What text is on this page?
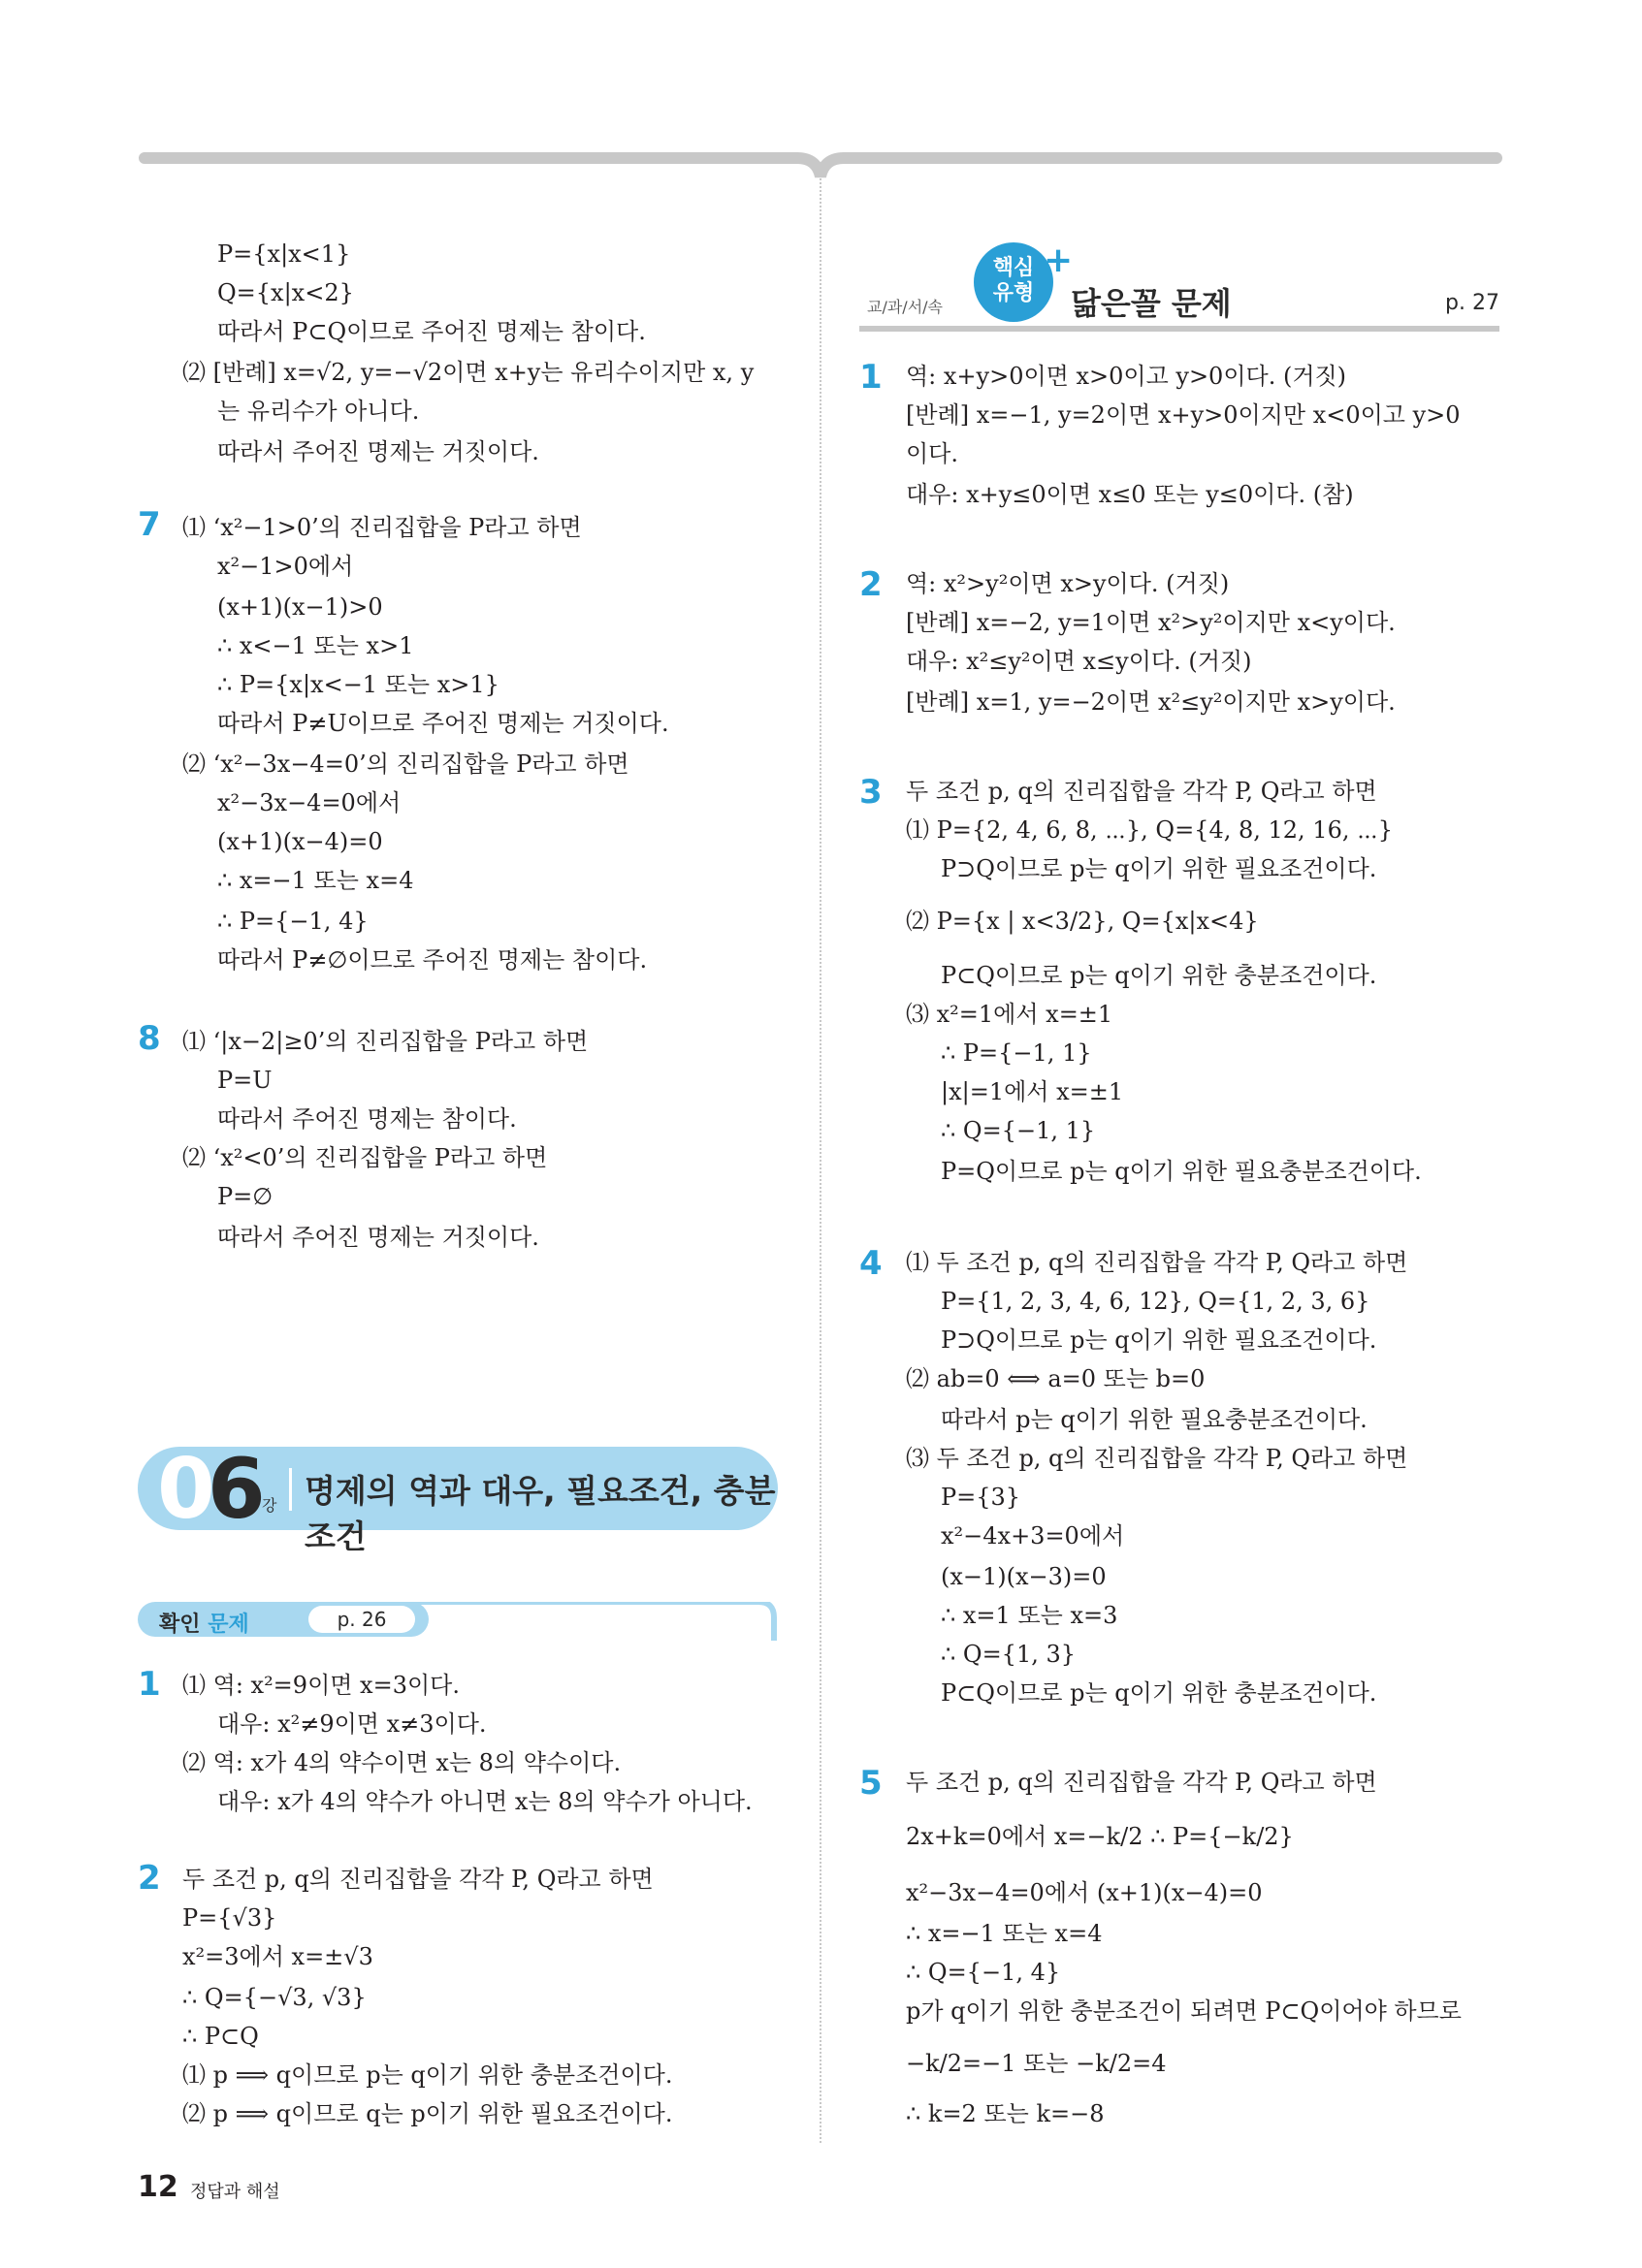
P={x|x<1}
Q={x|x<2}
따라서 P⊂Q이므로 주어진 명제는 참이다.
⑵ [반례] x=√2, y=−√2이면 x+y는 유리수이지만 x, y
는 유리수가 아니다.
따라서 주어진 명제는 거짓이다.
7 ⑴ ‘x²−1>0’의 진리집합을 P라고 하면
x²−1>0에서
(x+1)(x−1)>0
∴ x<−1 또는 x>1
∴ P={x|x<−1 또는 x>1}
따라서 P≠U이므로 주어진 명제는 거짓이다.
⑵ ‘x²−3x−4=0’의 진리집합을 P라고 하면
x²−3x−4=0에서
(x+1)(x−4)=0
∴ x=−1 또는 x=4
∴ P={−1, 4}
따라서 P≠∅이므로 주어진 명제는 참이다.
8 ⑴ ‘|x−2|≥0’의 진리집합을 P라고 하면
P=U
따라서 주어진 명제는 참이다.
⑵ ‘x²<0’의 진리집합을 P라고 하면
P=∅
따라서 주어진 명제는 거짓이다.
06 강 명제의 역과 대우, 필요조건, 충분조건
확인 문제	p. 26
1 ⑴ 역: x²=9이면 x=3이다.
대우: x²≠9이면 x≠3이다.
⑵ 역: x가 4의 약수이면 x는 8의 약수이다.
대우: x가 4의 약수가 아니면 x는 8의 약수가 아니다.
2 두 조건 p, q의 진리집합을 각각 P, Q라고 하면
P={√3}
x²=3에서 x=±√3
∴ Q={−√3, √3}
∴ P⊂Q
⑴ p ⟹ q이므로 p는 q이기 위한 충분조건이다.
⑵ p ⟹ q이므로 q는 p이기 위한 필요조건이다.
교/과/서/속
핵심
유형
+
닮은꼴 문제	p. 27
1 역: x+y>0이면 x>0이고 y>0이다. (거짓)
[반례] x=−1, y=2이면 x+y>0이지만 x<0이고 y>0
이다.
대우: x+y≤0이면 x≤0 또는 y≤0이다. (참)
2 역: x²>y²이면 x>y이다. (거짓)
[반례] x=−2, y=1이면 x²>y²이지만 x<y이다.
대우: x²≤y²이면 x≤y이다. (거짓)
[반례] x=1, y=−2이면 x²≤y²이지만 x>y이다.
3 두 조건 p, q의 진리집합을 각각 P, Q라고 하면
⑴ P={2, 4, 6, 8, ⋯}, Q={4, 8, 12, 16, ⋯}
P⊃Q이므로 p는 q이기 위한 필요조건이다.
⑵ P={x | x<3/2}, Q={x|x<4}
P⊂Q이므로 p는 q이기 위한 충분조건이다.
⑶ x²=1에서 x=±1
∴ P={−1, 1}
|x|=1에서 x=±1
∴ Q={−1, 1}
P=Q이므로 p는 q이기 위한 필요충분조건이다.
4 ⑴ 두 조건 p, q의 진리집합을 각각 P, Q라고 하면
P={1, 2, 3, 4, 6, 12}, Q={1, 2, 3, 6}
P⊃Q이므로 p는 q이기 위한 필요조건이다.
⑵ ab=0 ⟺ a=0 또는 b=0
따라서 p는 q이기 위한 필요충분조건이다.
⑶ 두 조건 p, q의 진리집합을 각각 P, Q라고 하면
P={3}
x²−4x+3=0에서
(x−1)(x−3)=0
∴ x=1 또는 x=3
∴ Q={1, 3}
P⊂Q이므로 p는 q이기 위한 충분조건이다.
5 두 조건 p, q의 진리집합을 각각 P, Q라고 하면
2x+k=0에서 x=−k/2 ∴ P={−k/2}
x²−3x−4=0에서 (x+1)(x−4)=0
∴ x=−1 또는 x=4
∴ Q={−1, 4}
p가 q이기 위한 충분조건이 되려면 P⊂Q이어야 하므로
−k/2=−1 또는 −k/2=4
∴ k=2 또는 k=−8
12 정답과 해설
